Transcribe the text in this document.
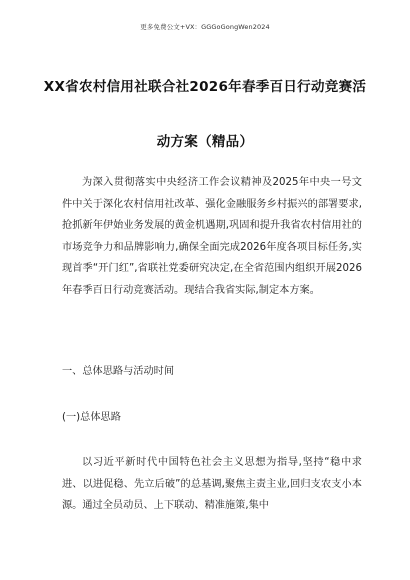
更多免费公文+VX：GGGoGongWen2024
XX省农村信用社联合社2026年春季百日行动竞赛活
动方案（精品）
为深入贯彻落实中央经济工作会议精神及2025年中央一号文件中关于深化农村信用社改革、强化金融服务乡村振兴的部署要求,抢抓新年伊始业务发展的黄金机遇期,巩固和提升我省农村信用社的市场竞争力和品牌影响力,确保全面完成2026年度各项目标任务,实现首季“开门红”,省联社党委研究决定,在全省范围内组织开展2026年春季百日行动竞赛活动。现结合我省实际,制定本方案。
一、总体思路与活动时间
(一)总体思路
以习近平新时代中国特色社会主义思想为指导,坚持“稳中求进、以进促稳、先立后破”的总基调,聚焦主责主业,回归支农支小本源。通过全员动员、上下联动、精准施策,集中
